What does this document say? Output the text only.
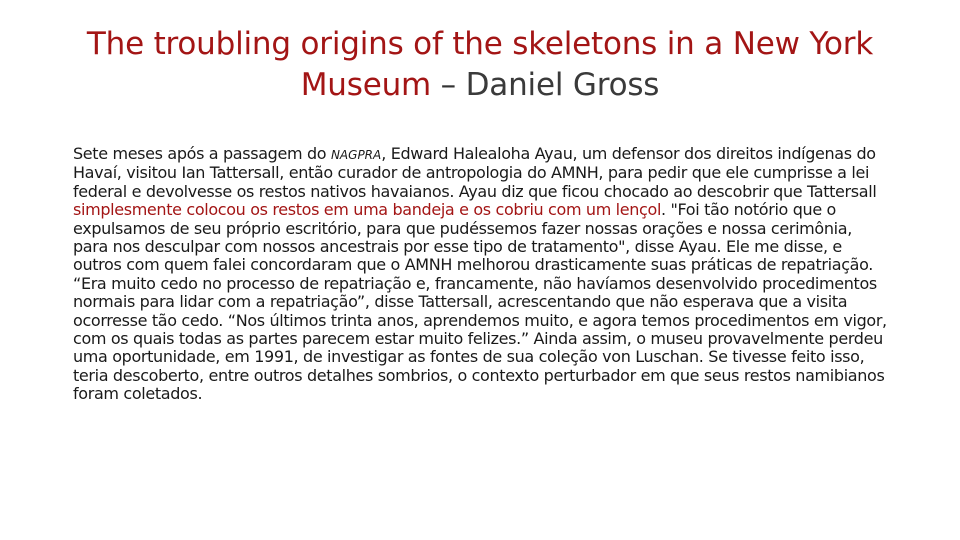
The troubling origins of the skeletons in a New York Museum – Daniel Gross

Sete meses após a passagem do NAGPRA, Edward Halealoha Ayau, um defensor dos direitos indígenas do Havaí, visitou Ian Tattersall, então curador de antropologia do AMNH, para pedir que ele cumprisse a lei federal e devolvesse os restos nativos havaianos. Ayau diz que ficou chocado ao descobrir que Tattersall simplesmente colocou os restos em uma bandeja e os cobriu com um lençol. "Foi tão notório que o expulsamos de seu próprio escritório, para que pudéssemos fazer nossas orações e nossa cerimônia, para nos desculpar com nossos ancestrais por esse tipo de tratamento", disse Ayau. Ele me disse, e outros com quem falei concordaram que o AMNH melhorou drasticamente suas práticas de repatriação. “Era muito cedo no processo de repatriação e, francamente, não havíamos desenvolvido procedimentos normais para lidar com a repatriação”, disse Tattersall, acrescentando que não esperava que a visita ocorresse tão cedo. “Nos últimos trinta anos, aprendemos muito, e agora temos procedimentos em vigor, com os quais todas as partes parecem estar muito felizes.” Ainda assim, o museu provavelmente perdeu uma oportunidade, em 1991, de investigar as fontes de sua coleção von Luschan. Se tivesse feito isso, teria descoberto, entre outros detalhes sombrios, o contexto perturbador em que seus restos namibianos foram coletados.
